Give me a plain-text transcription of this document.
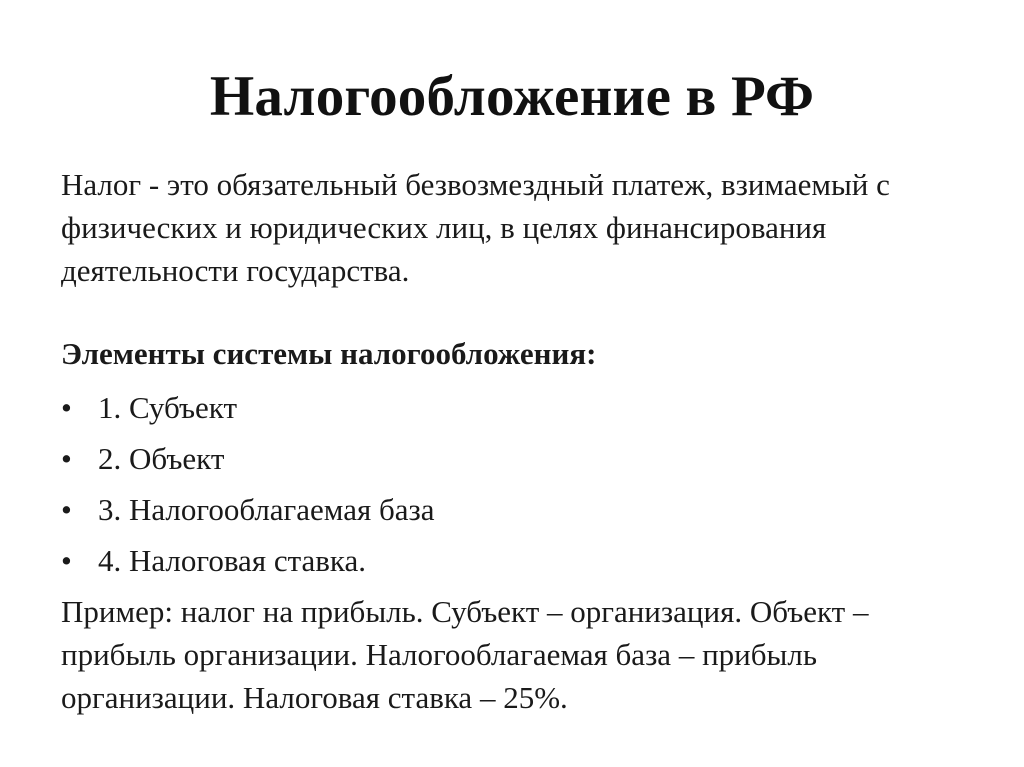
Налогообложение в РФ

Налог - это обязательный безвозмездный платеж, взимаемый с физических и юридических лиц, в целях финансирования деятельности государства.

Элементы системы налогообложения:

• 1. Субъект
• 2. Объект
• 3. Налогооблагаемая база
• 4. Налоговая ставка.

Пример: налог на прибыль. Субъект – организация. Объект – прибыль организации. Налогооблагаемая база – прибыль организации. Налоговая ставка – 25%.
